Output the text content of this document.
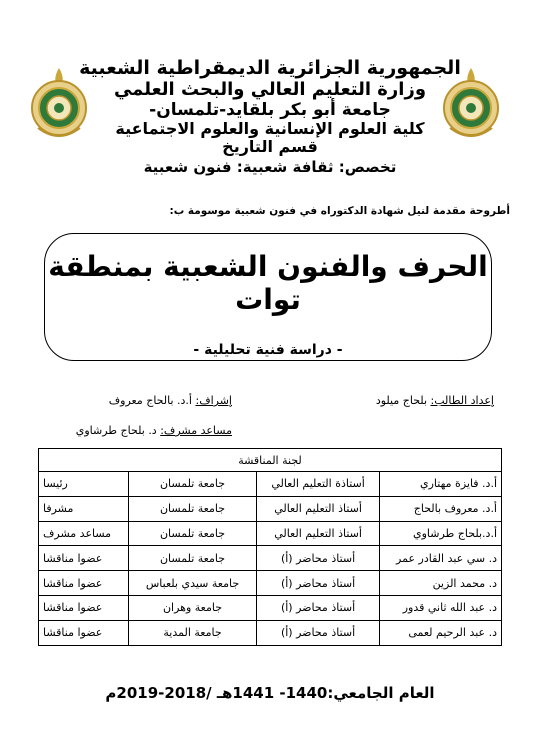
الجمهورية الجزائرية الديمقراطية الشعبية
وزارة التعليم العالي والبحث العلمي
جامعة أبو بكر بلقايد-تلمسان-
كلية العلوم الإنسانية والعلوم الاجتماعية
قسم التاريخ
تخصص: ثقافة شعبية: فنون شعبية
أطروحة مقدمة لنيل شهادة الدكتوراه في فنون شعبية موسومة ب:
الحرف والفنون الشعبية بمنطقة توات
- دراسة فنية تحليلية -
إعداد الطالب: بلحاج ميلود
إشراف: أ.د. بالحاج معروف
مساعد مشرف: د. بلحاج طرشاوي
لجنة المناقشة			
أ.د. فايزة مهتاري	أستاذة التعليم العالي	جامعة تلمسان	رئيسا
أ.د. معروف بالحاج	أستاذ التعليم العالي	جامعة تلمسان	مشرفا
أ.د.بلحاج طرشاوي	أستاذ التعليم العالي	جامعة تلمسان	مساعد مشرف
د. سي عبد القادر عمر	أستاذ محاضر (أ)	جامعة تلمسان	عضوا مناقشا
د. محمد الزين	أستاذ محاضر (أ)	جامعة سيدي بلعباس	عضوا مناقشا
د. عبد الله ثاني قدور	أستاذ محاضر (أ)	جامعة وهران	عضوا مناقشا
د. عبد الرحيم لعمى	أستاذ محاضر (أ)	جامعة المدية	عضوا مناقشا
العام الجامعي:1440- 1441هـ /2018-2019م
